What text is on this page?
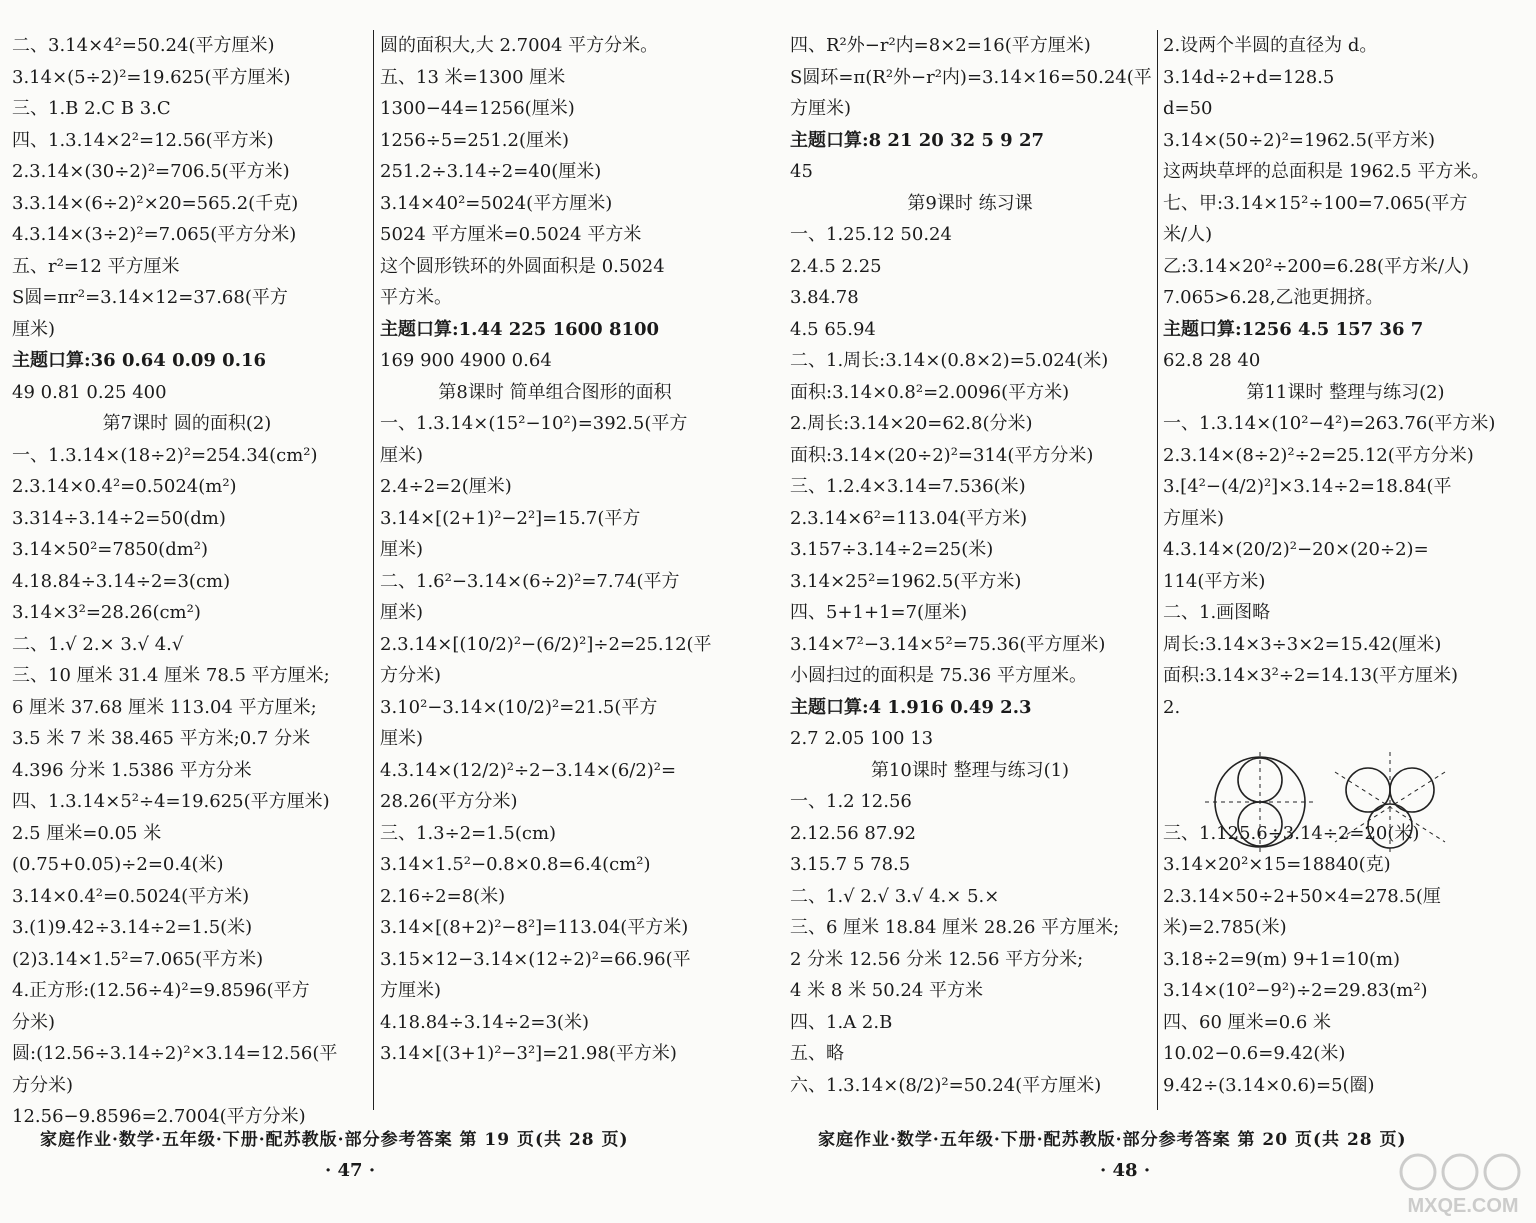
二、3.14×4²=50.24(平方厘米)
3.14×(5÷2)²=19.625(平方厘米)
三、1.B 2.C B 3.C
四、1.3.14×2²=12.56(平方米)
2.3.14×(30÷2)²=706.5(平方米)
3.3.14×(6÷2)²×20=565.2(千克)
4.3.14×(3÷2)²=7.065(平方分米)
五、r²=12 平方厘米
S圆=πr²=3.14×12=37.68(平方
厘米)
主题口算:36 0.64 0.09 0.16
49 0.81 0.25 400
第7课时 圆的面积(2)
一、1.3.14×(18÷2)²=254.34(cm²)
2.3.14×0.4²=0.5024(m²)
3.314÷3.14÷2=50(dm)
3.14×50²=7850(dm²)
4.18.84÷3.14÷2=3(cm)
3.14×3²=28.26(cm²)
二、1.√ 2.× 3.√ 4.√
三、10 厘米 31.4 厘米 78.5 平方厘米;
6 厘米 37.68 厘米 113.04 平方厘米;
3.5 米 7 米 38.465 平方米;0.7 分米
4.396 分米 1.5386 平方分米
四、1.3.14×5²÷4=19.625(平方厘米)
2.5 厘米=0.05 米
(0.75+0.05)÷2=0.4(米)
3.14×0.4²=0.5024(平方米)
3.(1)9.42÷3.14÷2=1.5(米)
(2)3.14×1.5²=7.065(平方米)
4.正方形:(12.56÷4)²=9.8596(平方
分米)
圆:(12.56÷3.14÷2)²×3.14=12.56(平
方分米)
12.56−9.8596=2.7004(平方分米)
圆的面积大,大 2.7004 平方分米。
五、13 米=1300 厘米
1300−44=1256(厘米)
1256÷5=251.2(厘米)
251.2÷3.14÷2=40(厘米)
3.14×40²=5024(平方厘米)
5024 平方厘米=0.5024 平方米
这个圆形铁环的外圆面积是 0.5024
平方米。
主题口算:1.44 225 1600 8100
169 900 4900 0.64
第8课时 简单组合图形的面积
一、1.3.14×(15²−10²)=392.5(平方
厘米)
2.4÷2=2(厘米)
3.14×[(2+1)²−2²]=15.7(平方
厘米)
二、1.6²−3.14×(6÷2)²=7.74(平方
厘米)
2.3.14×[(10/2)²−(6/2)²]÷2=25.12(平
方分米)
3.10²−3.14×(10/2)²=21.5(平方
厘米)
4.3.14×(12/2)²÷2−3.14×(6/2)²=
28.26(平方分米)
三、1.3÷2=1.5(cm)
3.14×1.5²−0.8×0.8=6.4(cm²)
2.16÷2=8(米)
3.14×[(8+2)²−8²]=113.04(平方米)
3.15×12−3.14×(12÷2)²=66.96(平
方厘米)
4.18.84÷3.14÷2=3(米)
3.14×[(3+1)²−3²]=21.98(平方米)
家庭作业·数学·五年级·下册·配苏教版·部分参考答案 第 19 页(共 28 页)
· 47 ·
四、R²外−r²内=8×2=16(平方厘米)
S圆环=π(R²外−r²内)=3.14×16=50.24(平
方厘米)
主题口算:8 21 20 32 5 9 27
45
第9课时 练习课
一、1.25.12 50.24
2.4.5 2.25
3.84.78
4.5 65.94
二、1.周长:3.14×(0.8×2)=5.024(米)
面积:3.14×0.8²=2.0096(平方米)
2.周长:3.14×20=62.8(分米)
面积:3.14×(20÷2)²=314(平方分米)
三、1.2.4×3.14=7.536(米)
2.3.14×6²=113.04(平方米)
3.157÷3.14÷2=25(米)
3.14×25²=1962.5(平方米)
四、5+1+1=7(厘米)
3.14×7²−3.14×5²=75.36(平方厘米)
小圆扫过的面积是 75.36 平方厘米。
主题口算:4 1.916 0.49 2.3
2.7 2.05 100 13
第10课时 整理与练习(1)
一、1.2 12.56
2.12.56 87.92
3.15.7 5 78.5
二、1.√ 2.√ 3.√ 4.× 5.×
三、6 厘米 18.84 厘米 28.26 平方厘米;
2 分米 12.56 分米 12.56 平方分米;
4 米 8 米 50.24 平方米
四、1.A 2.B
五、略
六、1.3.14×(8/2)²=50.24(平方厘米)
2.设两个半圆的直径为 d。
3.14d÷2+d=128.5
d=50
3.14×(50÷2)²=1962.5(平方米)
这两块草坪的总面积是 1962.5 平方米。
七、甲:3.14×15²÷100=7.065(平方
米/人)
乙:3.14×20²÷200=6.28(平方米/人)
7.065>6.28,乙池更拥挤。
主题口算:1256 4.5 157 36 7
62.8 28 40
第11课时 整理与练习(2)
一、1.3.14×(10²−4²)=263.76(平方米)
2.3.14×(8÷2)²÷2=25.12(平方分米)
3.[4²−(4/2)²]×3.14÷2=18.84(平
方厘米)
4.3.14×(20/2)²−20×(20÷2)=
114(平方米)
二、1.画图略
周长:3.14×3÷3×2=15.42(厘米)
面积:3.14×3²÷2=14.13(平方厘米)
2.
三、1.125.6÷3.14÷2=20(米)
3.14×20²×15=18840(克)
2.3.14×50÷2+50×4=278.5(厘
米)=2.785(米)
3.18÷2=9(m) 9+1=10(m)
3.14×(10²−9²)÷2=29.83(m²)
四、60 厘米=0.6 米
10.02−0.6=9.42(米)
9.42÷(3.14×0.6)=5(圈)
家庭作业·数学·五年级·下册·配苏教版·部分参考答案 第 20 页(共 28 页)
· 48 ·
MXQE.COM
